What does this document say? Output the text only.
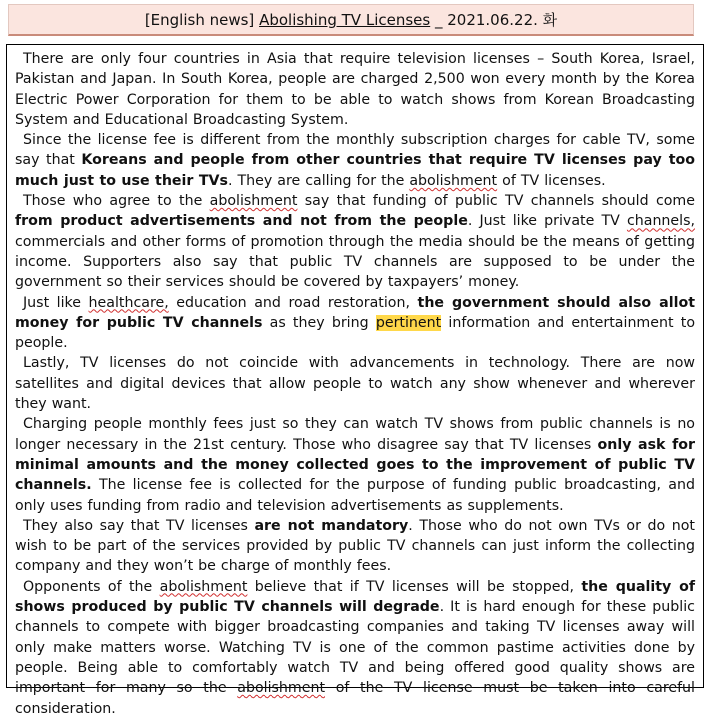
[English news] Abolishing TV Licenses _ 2021.06.22. 화

There are only four countries in Asia that require television licenses – South Korea, Israel, Pakistan and Japan. In South Korea, people are charged 2,500 won every month by the Korea Electric Power Corporation for them to be able to watch shows from Korean Broadcasting System and Educational Broadcasting System.

Since the license fee is different from the monthly subscription charges for cable TV, some say that Koreans and people from other countries that require TV licenses pay too much just to use their TVs. They are calling for the abolishment of TV licenses.

Those who agree to the abolishment say that funding of public TV channels should come from product advertisements and not from the people. Just like private TV channels, commercials and other forms of promotion through the media should be the means of getting income. Supporters also say that public TV channels are supposed to be under the government so their services should be covered by taxpayers’ money.

Just like healthcare, education and road restoration, the government should also allot money for public TV channels as they bring pertinent information and entertainment to people.

Lastly, TV licenses do not coincide with advancements in technology. There are now satellites and digital devices that allow people to watch any show whenever and wherever they want.

Charging people monthly fees just so they can watch TV shows from public channels is no longer necessary in the 21st century. Those who disagree say that TV licenses only ask for minimal amounts and the money collected goes to the improvement of public TV channels. The license fee is collected for the purpose of funding public broadcasting, and only uses funding from radio and television advertisements as supplements.

They also say that TV licenses are not mandatory. Those who do not own TVs or do not wish to be part of the services provided by public TV channels can just inform the collecting company and they won’t be charge of monthly fees.

Opponents of the abolishment believe that if TV licenses will be stopped, the quality of shows produced by public TV channels will degrade. It is hard enough for these public channels to compete with bigger broadcasting companies and taking TV licenses away will only make matters worse. Watching TV is one of the common pastime activities done by people. Being able to comfortably watch TV and being offered good quality shows are important for many so the abolishment of the TV license must be taken into careful consideration.
